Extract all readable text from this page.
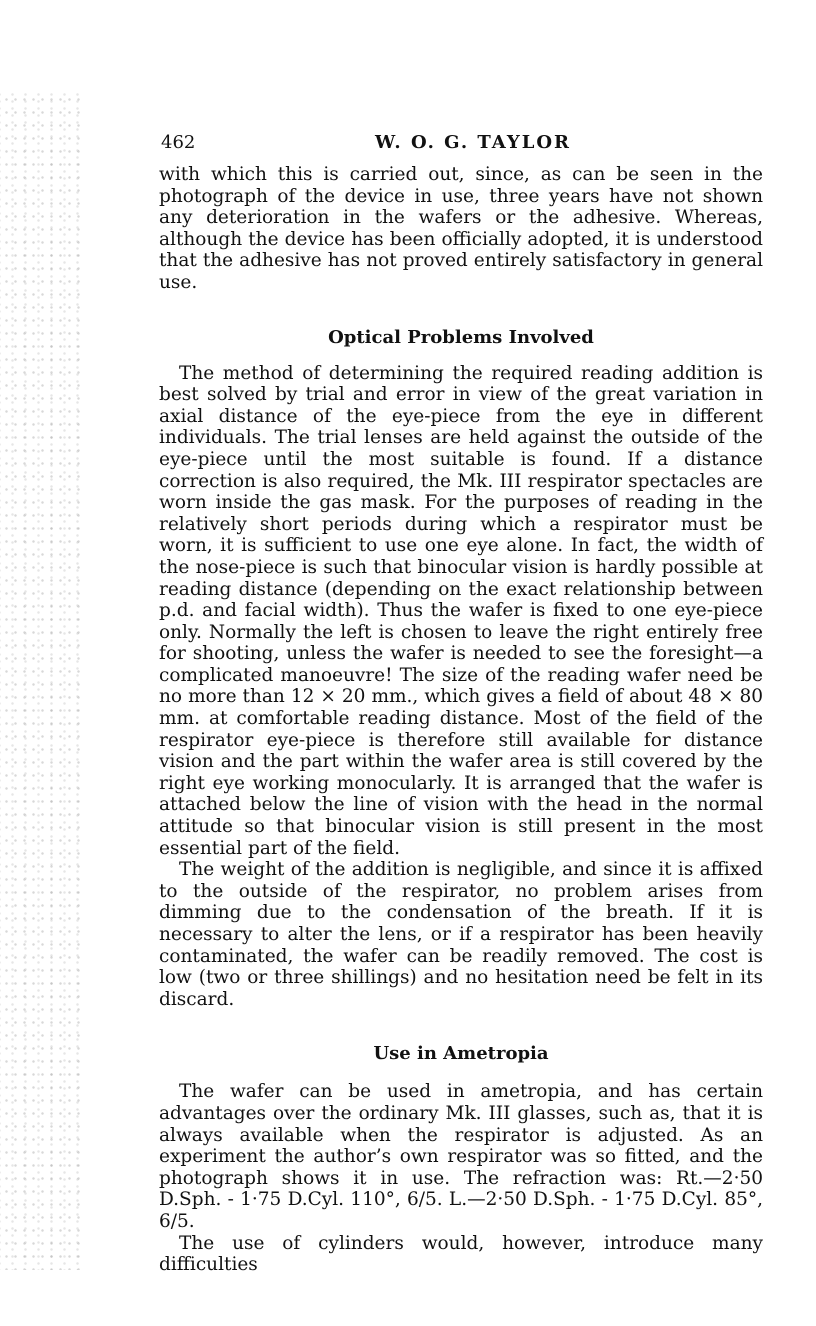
462	W. O. G. TAYLOR

with which this is carried out, since, as can be seen in the photograph of the device in use, three years have not shown any deterioration in the wafers or the adhesive. Whereas, although the device has been officially adopted, it is understood that the adhesive has not proved entirely satisfactory in general use.

Optical Problems Involved

The method of determining the required reading addition is best solved by trial and error in view of the great variation in axial distance of the eye-piece from the eye in different individuals. The trial lenses are held against the outside of the eye-piece until the most suitable is found. If a distance correction is also required, the Mk. III respirator spectacles are worn inside the gas mask. For the purposes of reading in the relatively short periods during which a respirator must be worn, it is sufficient to use one eye alone. In fact, the width of the nose-piece is such that binocular vision is hardly possible at reading distance (depending on the exact relationship between p.d. and facial width). Thus the wafer is fixed to one eye-piece only. Normally the left is chosen to leave the right entirely free for shooting, unless the wafer is needed to see the foresight—a complicated manoeuvre! The size of the reading wafer need be no more than 12 × 20 mm., which gives a field of about 48 × 80 mm. at comfortable reading distance. Most of the field of the respirator eye-piece is therefore still available for distance vision and the part within the wafer area is still covered by the right eye working monocularly. It is arranged that the wafer is attached below the line of vision with the head in the normal attitude so that binocular vision is still present in the most essential part of the field.

The weight of the addition is negligible, and since it is affixed to the outside of the respirator, no problem arises from dimming due to the condensation of the breath. If it is necessary to alter the lens, or if a respirator has been heavily contaminated, the wafer can be readily removed. The cost is low (two or three shillings) and no hesitation need be felt in its discard.

Use in Ametropia

The wafer can be used in ametropia, and has certain advantages over the ordinary Mk. III glasses, such as, that it is always available when the respirator is adjusted. As an experiment the author’s own respirator was so fitted, and the photograph shows it in use. The refraction was: Rt.—2·50 D.Sph. - 1·75 D.Cyl. 110°, 6/5. L.—2·50 D.Sph. - 1·75 D.Cyl. 85°, 6/5.

The use of cylinders would, however, introduce many difficulties
